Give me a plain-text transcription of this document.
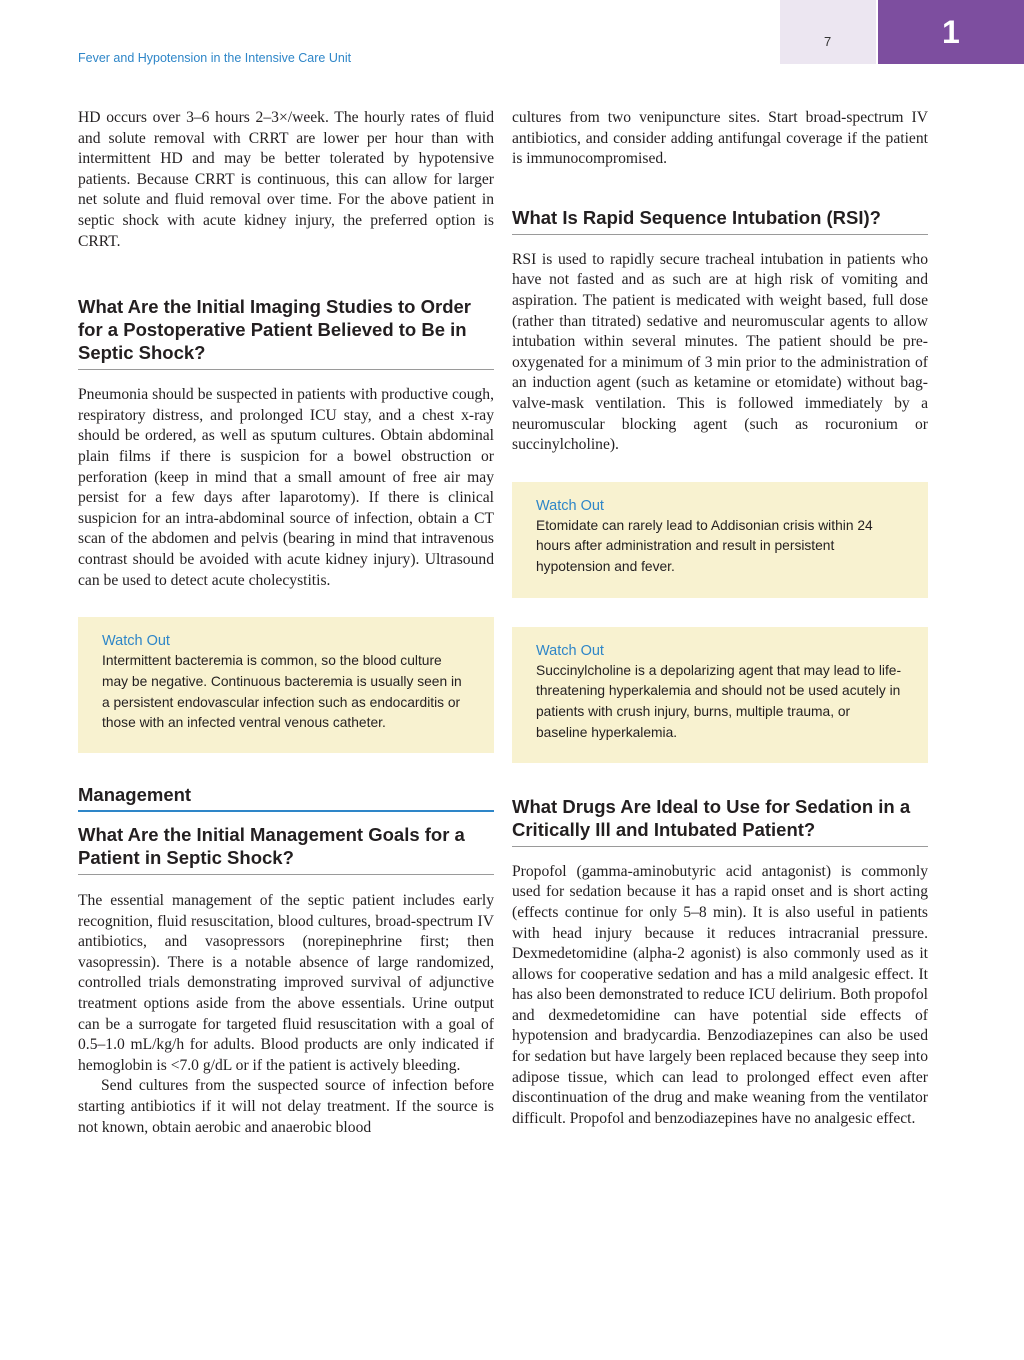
Fever and Hypotension in the Intensive Care Unit
7	1

HD occurs over 3–6 hours 2–3×/week. The hourly rates of fluid and solute removal with CRRT are lower per hour than with intermittent HD and may be better tolerated by hypotensive patients. Because CRRT is continuous, this can allow for larger net solute and fluid removal over time. For the above patient in septic shock with acute kidney injury, the preferred option is CRRT.

What Are the Initial Imaging Studies to Order for a Postoperative Patient Believed to Be in Septic Shock?

Pneumonia should be suspected in patients with productive cough, respiratory distress, and prolonged ICU stay, and a chest x-ray should be ordered, as well as sputum cultures. Obtain abdominal plain films if there is suspicion for a bowel obstruction or perforation (keep in mind that a small amount of free air may persist for a few days after laparotomy). If there is clinical suspicion for an intra-abdominal source of infection, obtain a CT scan of the abdomen and pelvis (bearing in mind that intravenous contrast should be avoided with acute kidney injury). Ultrasound can be used to detect acute cholecystitis.

Watch Out
Intermittent bacteremia is common, so the blood culture may be negative. Continuous bacteremia is usually seen in a persistent endovascular infection such as endocarditis or those with an infected ventral venous catheter.
Management
What Are the Initial Management Goals for a Patient in Septic Shock?

The essential management of the septic patient includes early recognition, fluid resuscitation, blood cultures, broad-spectrum IV antibiotics, and vasopressors (norepinephrine first; then vasopressin). There is a notable absence of large randomized, controlled trials demonstrating improved survival of adjunctive treatment options aside from the above essentials. Urine output can be a surrogate for targeted fluid resuscitation with a goal of 0.5–1.0 mL/kg/h for adults. Blood products are only indicated if hemoglobin is <7.0 g/dL or if the patient is actively bleeding.

Send cultures from the suspected source of infection before starting antibiotics if it will not delay treatment. If the source is not known, obtain aerobic and anaerobic blood

cultures from two venipuncture sites. Start broad-spectrum IV antibiotics, and consider adding antifungal coverage if the patient is immunocompromised.

What Is Rapid Sequence Intubation (RSI)?

RSI is used to rapidly secure tracheal intubation in patients who have not fasted and as such are at high risk of vomiting and aspiration. The patient is medicated with weight based, full dose (rather than titrated) sedative and neuromuscular agents to allow intubation within several minutes. The patient should be pre-oxygenated for a minimum of 3 min prior to the administration of an induction agent (such as ketamine or etomidate) without bag-valve-mask ventilation. This is followed immediately by a neuromuscular blocking agent (such as rocuronium or succinylcholine).

Watch Out
Etomidate can rarely lead to Addisonian crisis within 24 hours after administration and result in persistent hypotension and fever.
Watch Out
Succinylcholine is a depolarizing agent that may lead to life-threatening hyperkalemia and should not be used acutely in patients with crush injury, burns, multiple trauma, or baseline hyperkalemia.
What Drugs Are Ideal to Use for Sedation in a Critically Ill and Intubated Patient?

Propofol (gamma-aminobutyric acid antagonist) is commonly used for sedation because it has a rapid onset and is short acting (effects continue for only 5–8 min). It is also useful in patients with head injury because it reduces intracranial pressure. Dexmedetomidine (alpha-2 agonist) is also commonly used as it allows for cooperative sedation and has a mild analgesic effect. It has also been demonstrated to reduce ICU delirium. Both propofol and dexmedetomidine can have potential side effects of hypotension and bradycardia. Benzodiazepines can also be used for sedation but have largely been replaced because they seep into adipose tissue, which can lead to prolonged effect even after discontinuation of the drug and make weaning from the ventilator difficult. Propofol and benzodiazepines have no analgesic effect.
